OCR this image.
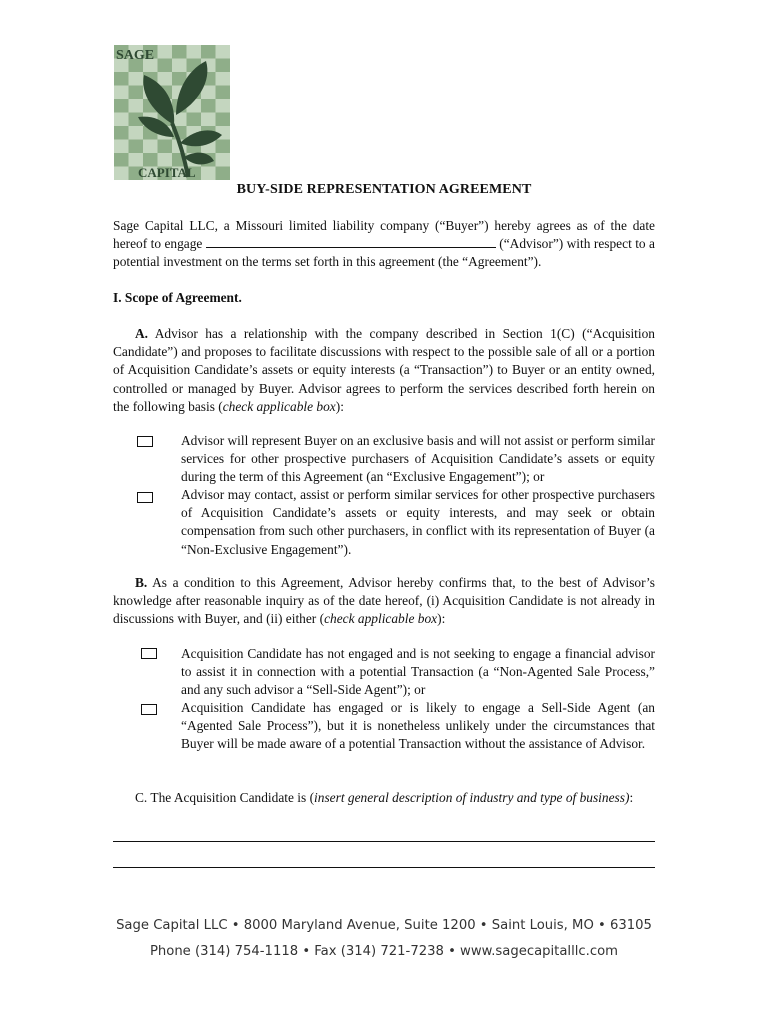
SAGE
CAPITAL
BUY-SIDE REPRESENTATION AGREEMENT

Sage Capital LLC, a Missouri limited liability company (“Buyer”) hereby agrees as of the date hereof to engage	(“Advisor”) with respect to a potential investment on the terms set forth in this agreement (the “Agreement”).

I. Scope of Agreement.

A. Advisor has a relationship with the company described in Section 1(C) (“Acquisition Candidate”) and proposes to facilitate discussions with respect to the possible sale of all or a portion of Acquisition Candidate’s assets or equity interests (a “Transaction”) to Buyer or an entity owned, controlled or managed by Buyer. Advisor agrees to perform the services described forth herein on the following basis (check applicable box):

Advisor will represent Buyer on an exclusive basis and will not assist or perform similar services for other prospective purchasers of Acquisition Candidate’s assets or equity during the term of this Agreement (an “Exclusive Engagement”); or

Advisor may contact, assist or perform similar services for other prospective purchasers of Acquisition Candidate’s assets or equity interests, and may seek or obtain compensation from such other purchasers, in conflict with its representation of Buyer (a “Non-Exclusive Engagement”).

B. As a condition to this Agreement, Advisor hereby confirms that, to the best of Advisor’s knowledge after reasonable inquiry as of the date hereof, (i) Acquisition Candidate is not already in discussions with Buyer, and (ii) either (check applicable box):

Acquisition Candidate has not engaged and is not seeking to engage a financial advisor to assist it in connection with a potential Transaction (a “Non-Agented Sale Process,” and any such advisor a “Sell-Side Agent”); or

Acquisition Candidate has engaged or is likely to engage a Sell-Side Agent (an “Agented Sale Process”), but it is nonetheless unlikely under the circumstances that Buyer will be made aware of a potential Transaction without the assistance of Advisor.

C. The Acquisition Candidate is (insert general description of industry and type of business):

Sage Capital LLC • 8000 Maryland Avenue, Suite 1200 • Saint Louis, MO • 63105
Phone (314) 754-1118 • Fax (314) 721-7238 • www.sagecapitalllc.com
